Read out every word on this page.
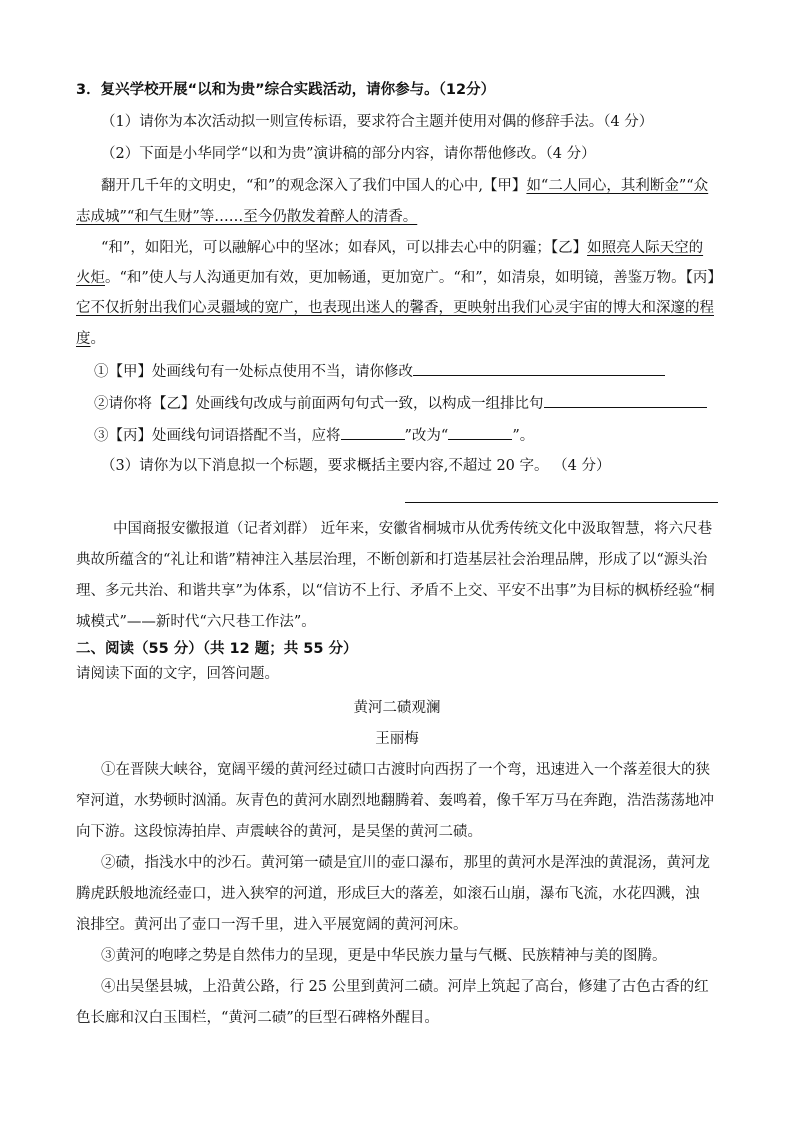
3．复兴学校开展“以和为贵”综合实践活动，请你参与。（12分）
（1）请你为本次活动拟一则宣传标语，要求符合主题并使用对偶的修辞手法。（4 分）
（2）下面是小华同学“以和为贵”演讲稿的部分内容，请你帮他修改。（4 分）
翻开几千年的文明史，“和”的观念深入了我们中国人的心中,【甲】如“二人同心，其利断金”“众
志成城”“和气生财”等……至今仍散发着醉人的清香。
“和”，如阳光，可以融解心中的坚冰；如春风，可以排去心中的阴霾；【乙】如照亮人际天空的
火炬。“和”使人与人沟通更加有效，更加畅通，更加宽广。“和”，如清泉，如明镜，善鉴万物。【丙】
它不仅折射出我们心灵疆域的宽广，也表现出迷人的馨香，更映射出我们心灵宇宙的博大和深邃的程
度。
①【甲】处画线句有一处标点使用不当，请你修改
②请你将【乙】处画线句改成与前面两句句式一致，以构成一组排比句
③【丙】处画线句词语搭配不当，应将	”改为“	”。
（3）请你为以下消息拟一个标题，要求概括主要内容,不超过 20 字。 （4 分）
中国商报安徽报道（记者刘群） 近年来，安徽省桐城市从优秀传统文化中汲取智慧，将六尺巷
典故所蕴含的“礼让和谐”精神注入基层治理，不断创新和打造基层社会治理品牌，形成了以“源头治
理、多元共治、和谐共享”为体系，以“信访不上行、矛盾不上交、平安不出事”为目标的枫桥经验“桐
城模式”——新时代“六尺巷工作法”。
二、阅读（55 分）（共 12 题；共 55 分）
请阅读下面的文字，回答问题。
黄河二碛观澜
王丽梅
①在晋陕大峡谷，宽阔平缓的黄河经过碛口古渡时向西拐了一个弯，迅速进入一个落差很大的狭
窄河道，水势顿时汹涌。灰青色的黄河水剧烈地翻腾着、轰鸣着，像千军万马在奔跑，浩浩荡荡地冲
向下游。这段惊涛拍岸、声震峡谷的黄河，是吴堡的黄河二碛。
②碛，指浅水中的沙石。黄河第一碛是宜川的壶口瀑布，那里的黄河水是浑浊的黄混汤，黄河龙
腾虎跃般地流经壶口，进入狭窄的河道，形成巨大的落差，如滚石山崩，瀑布飞流，水花四溅，浊
浪排空。黄河出了壶口一泻千里，进入平展宽阔的黄河河床。
③黄河的咆哮之势是自然伟力的呈现，更是中华民族力量与气概、民族精神与美的图腾。
④出吴堡县城，上沿黄公路，行 25 公里到黄河二碛。河岸上筑起了高台，修建了古色古香的红
色长廊和汉白玉围栏，“黄河二碛”的巨型石碑格外醒目。
